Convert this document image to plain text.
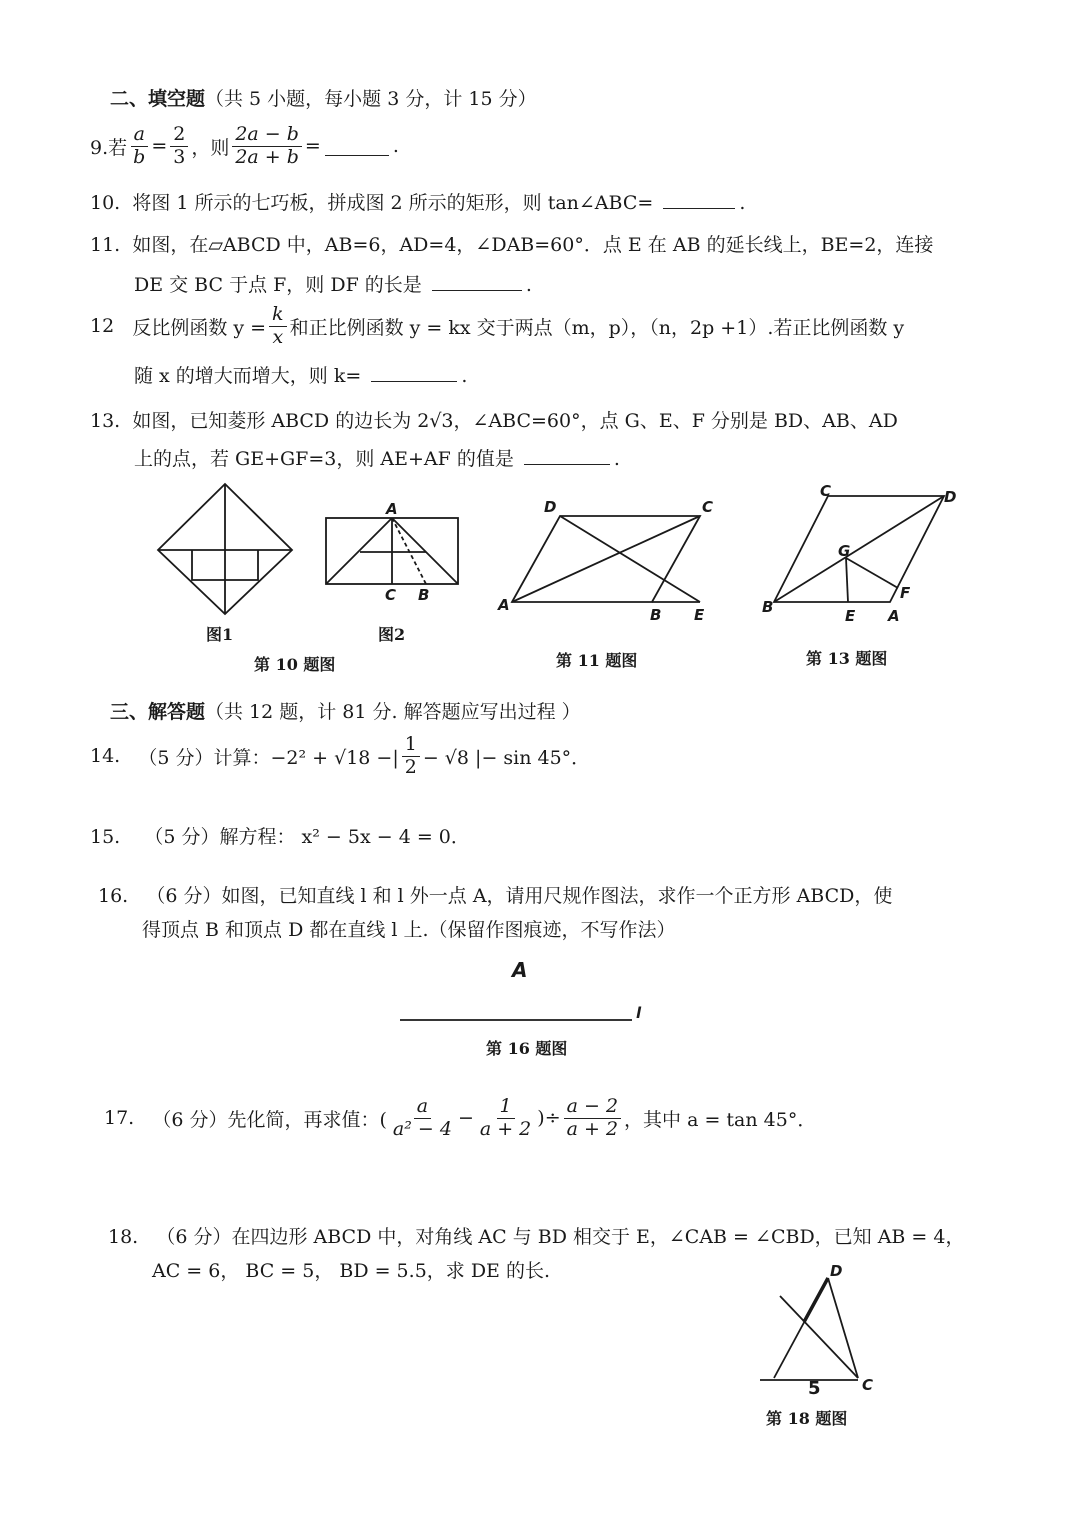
二、填空题（共 5 小题，每小题 3 分，计 15 分）
9.若 $\frac{a}{b} = \frac{2}{3}$ ，则 $\frac{2a - b}{2a + b}$ =	.
10. 将图 1 所示的七巧板，拼成图 2 所示的矩形，则 tan∠ABC=	.
11. 如图，在▱ABCD 中，AB=6，AD=4，∠DAB=60°．点 E 在 AB 的延长线上，BE=2，连接
DE 交 BC 于点 F，则 DF 的长是	.
12
反比例函数 $y = \frac{k}{x}$ 和正比例函数 y = kx 交于两点（m，p），（n，2p +1）.若正比例函数 y
随 x 的增大而增大，则 k=	.
13. 如图，已知菱形 ABCD 的边长为 2√3，∠ABC=60°，点 G、E、F 分别是 BD、AB、AD
上的点，若 GE+GF=3，则 AE+AF 的值是	.
A
C B
图1	图2
第 10 题图
D	C
A
B E
第 11 题图
C	D
G
B	E
F
A
第 13 题图
三、解答题（共 12 题，计 81 分. 解答题应写出过程 ）
14.
（5 分）计算：−2² + √18 −| $\frac{1}{2} - √8$ |− sin 45°．
15. （5 分）解方程： x² − 5x − 4 = 0．
16. （6 分）如图，已知直线 l 和 l 外一点 A，请用尺规作图法，求作一个正方形 ABCD，使
得顶点 B 和顶点 D 都在直线 l 上.（保留作图痕迹，不写作法）
A
l
第 16 题图
17.
（6 分）先化简，再求值：( $\frac{a}{\text{a² − 4}} - \frac{1}{a + 2}$ )÷ $\frac{a - 2}{a + 2}$ ，其中 a = tan 45°．
18. （6 分）在四边形 ABCD 中，对角线 AC 与 BD 相交于 E，∠CAB = ∠CBD，已知 AB = 4，
AC = 6， BC = 5， BD = 5.5，求 DE 的长.	D
C
5
第 18 题图
